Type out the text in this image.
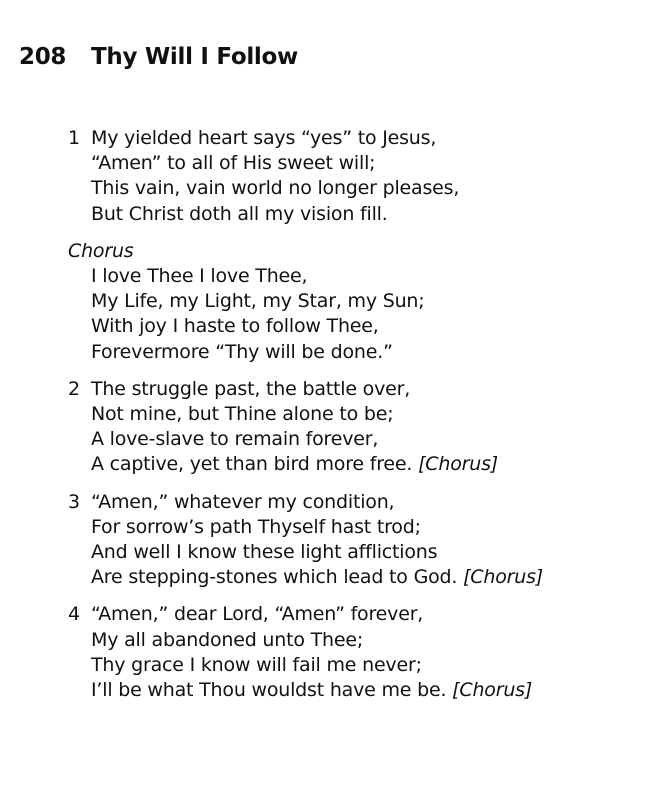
208 Thy Will I Follow
1 My yielded heart says “yes” to Jesus,
“Amen” to all of His sweet will;
This vain, vain world no longer pleases,
But Christ doth all my vision fill.
Chorus
I love Thee I love Thee,
My Life, my Light, my Star, my Sun;
With joy I haste to follow Thee,
Forevermore “Thy will be done.”
2 The struggle past, the battle over,
Not mine, but Thine alone to be;
A love-slave to remain forever,
A captive, yet than bird more free. [Chorus]
3 “Amen,” whatever my condition,
For sorrow’s path Thyself hast trod;
And well I know these light afflictions
Are stepping-stones which lead to God. [Chorus]
4 “Amen,” dear Lord, “Amen” forever,
My all abandoned unto Thee;
Thy grace I know will fail me never;
I’ll be what Thou wouldst have me be. [Chorus]
